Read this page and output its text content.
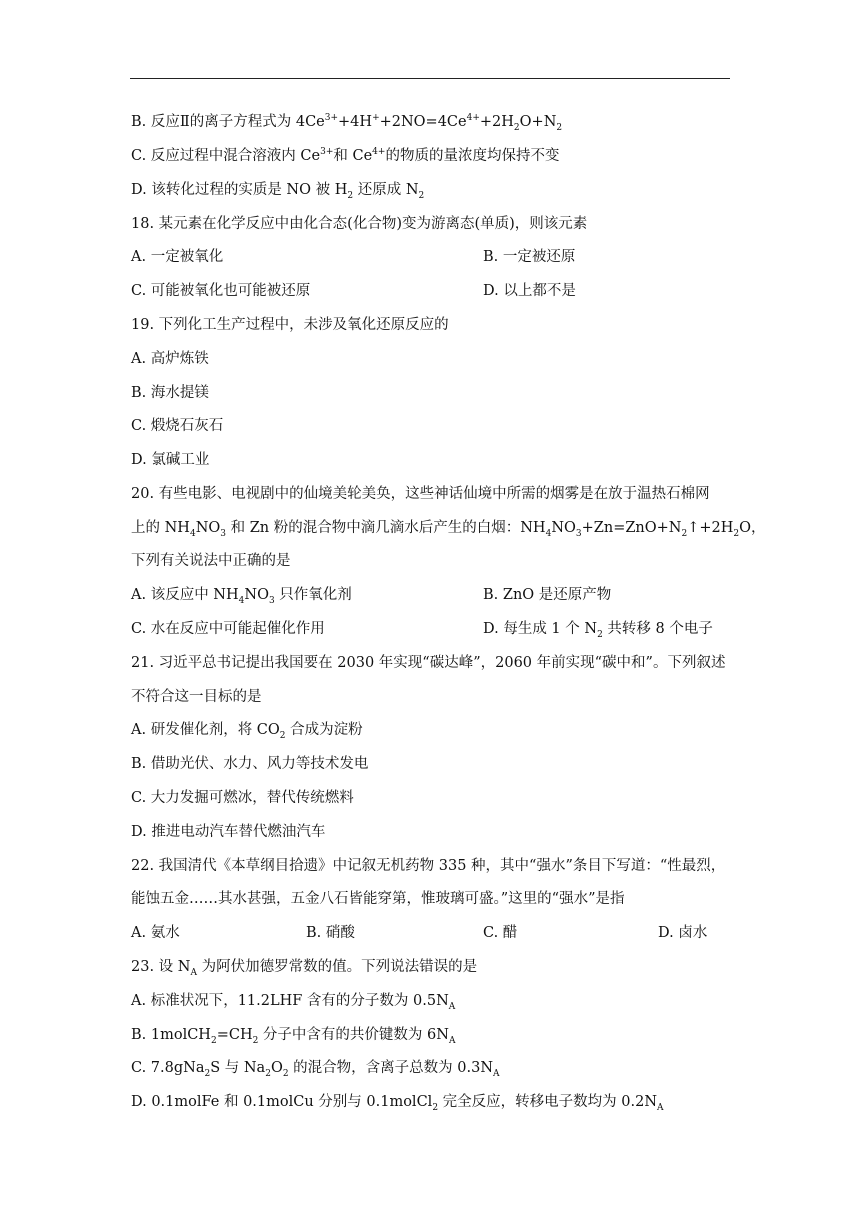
B. 反应Ⅱ的离子方程式为 $4Ce^{3+}+4H^++2NO=4Ce^{4+}+2H_2O+N_2$
C. 反应过程中混合溶液内 $Ce^{3+}$和 $Ce^{4+}$的物质的量浓度均保持不变
D. 该转化过程的实质是 NO 被 $H_2$ 还原成 $N_2$
18. 某元素在化学反应中由化合态(化合物)变为游离态(单质)，则该元素
A. 一定被氧化	B. 一定被还原
C. 可能被氧化也可能被还原	D. 以上都不是
19. 下列化工生产过程中，未涉及氧化还原反应的
A. 高炉炼铁
B. 海水提镁
C. 煅烧石灰石
D. 氯碱工业
20. 有些电影、电视剧中的仙境美轮美奂，这些神话仙境中所需的烟雾是在放于温热石棉网
上的 $NH_4NO_3$ 和 Zn 粉的混合物中滴几滴水后产生的白烟：$NH_4NO_3+Zn=ZnO+N_2↑+2H_2O$，
下列有关说法中正确的是
A. 该反应中 $NH_4NO_3$ 只作氧化剂	B. ZnO 是还原产物
C. 水在反应中可能起催化作用	D. 每生成 1 个 $N_2$ 共转移 8 个电子
21. 习近平总书记提出我国要在 2030 年实现“碳达峰”，2060 年前实现“碳中和”。下列叙述
不符合这一目标的是
A. 研发催化剂，将 $CO_2$ 合成为淀粉
B. 借助光伏、水力、风力等技术发电
C. 大力发掘可燃冰，替代传统燃料
D. 推进电动汽车替代燃油汽车
22. 我国清代《本草纲目拾遗》中记叙无机药物 335 种，其中“强水”条目下写道：“性最烈，
能蚀五金……其水甚强，五金八石皆能穿第，惟玻璃可盛。”这里的“强水”是指
A. 氨水	B. 硝酸	C. 醋	D. 卤水
23. 设 $N_A$ 为阿伏加德罗常数的值。下列说法错误的是
A. 标准状况下，11.2LHF 含有的分子数为 $0.5N_A$
B. $1molCH_2=CH_2$ 分子中含有的共价键数为 $6N_A$
C. 7.8gNa$_2$S 与 $Na_2O_2$ 的混合物，含离子总数为 $0.3N_A$
D. 0.1molFe 和 0.1molCu 分别与 0.1molCl$_2$ 完全反应，转移电子数均为 $0.2N_A$
